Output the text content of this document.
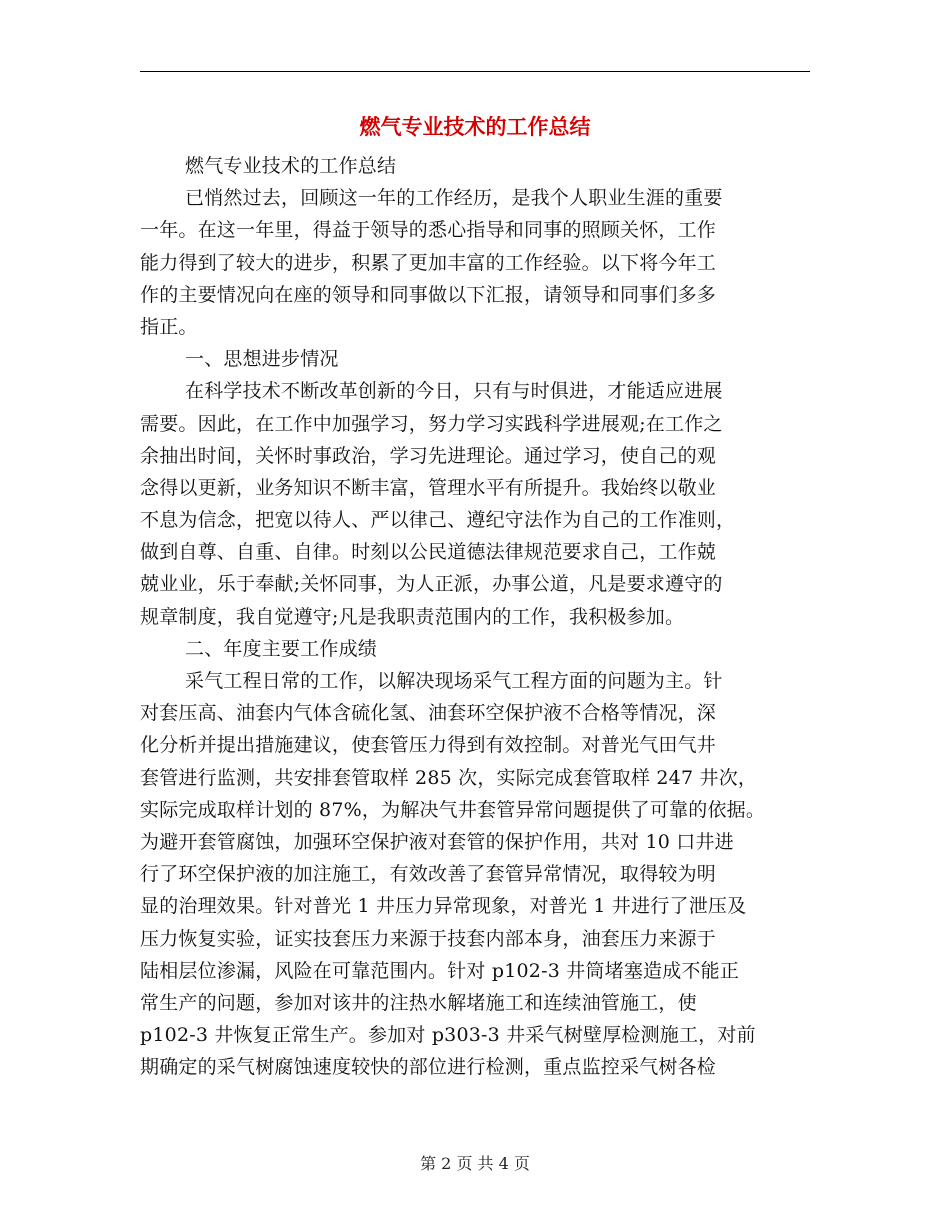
燃气专业技术的工作总结
燃气专业技术的工作总结
已悄然过去，回顾这一年的工作经历，是我个人职业生涯的重要
一年。在这一年里，得益于领导的悉心指导和同事的照顾关怀，工作
能力得到了较大的进步，积累了更加丰富的工作经验。以下将今年工
作的主要情况向在座的领导和同事做以下汇报，请领导和同事们多多
指正。
一、思想进步情况
在科学技术不断改革创新的今日，只有与时俱进，才能适应进展
需要。因此，在工作中加强学习，努力学习实践科学进展观;在工作之
余抽出时间，关怀时事政治，学习先进理论。通过学习，使自己的观
念得以更新，业务知识不断丰富，管理水平有所提升。我始终以敬业
不息为信念，把宽以待人、严以律己、遵纪守法作为自己的工作准则，
做到自尊、自重、自律。时刻以公民道德法律规范要求自己，工作兢
兢业业，乐于奉献;关怀同事，为人正派，办事公道，凡是要求遵守的
规章制度，我自觉遵守;凡是我职责范围内的工作，我积极参加。
二、年度主要工作成绩
采气工程日常的工作，以解决现场采气工程方面的问题为主。针
对套压高、油套内气体含硫化氢、油套环空保护液不合格等情况，深
化分析并提出措施建议，使套管压力得到有效控制。对普光气田气井
套管进行监测，共安排套管取样 285 次，实际完成套管取样 247 井次，
实际完成取样计划的 87%，为解决气井套管异常问题提供了可靠的依据。
为避开套管腐蚀，加强环空保护液对套管的保护作用，共对 10 口井进
行了环空保护液的加注施工，有效改善了套管异常情况，取得较为明
显的治理效果。针对普光 1 井压力异常现象，对普光 1 井进行了泄压及
压力恢复实验，证实技套压力来源于技套内部本身，油套压力来源于
陆相层位渗漏，风险在可靠范围内。针对 p102-3 井筒堵塞造成不能正
常生产的问题，参加对该井的注热水解堵施工和连续油管施工，使
p102-3 井恢复正常生产。参加对 p303-3 井采气树壁厚检测施工，对前
期确定的采气树腐蚀速度较快的部位进行检测，重点监控采气树各检
第 2 页 共 4 页
